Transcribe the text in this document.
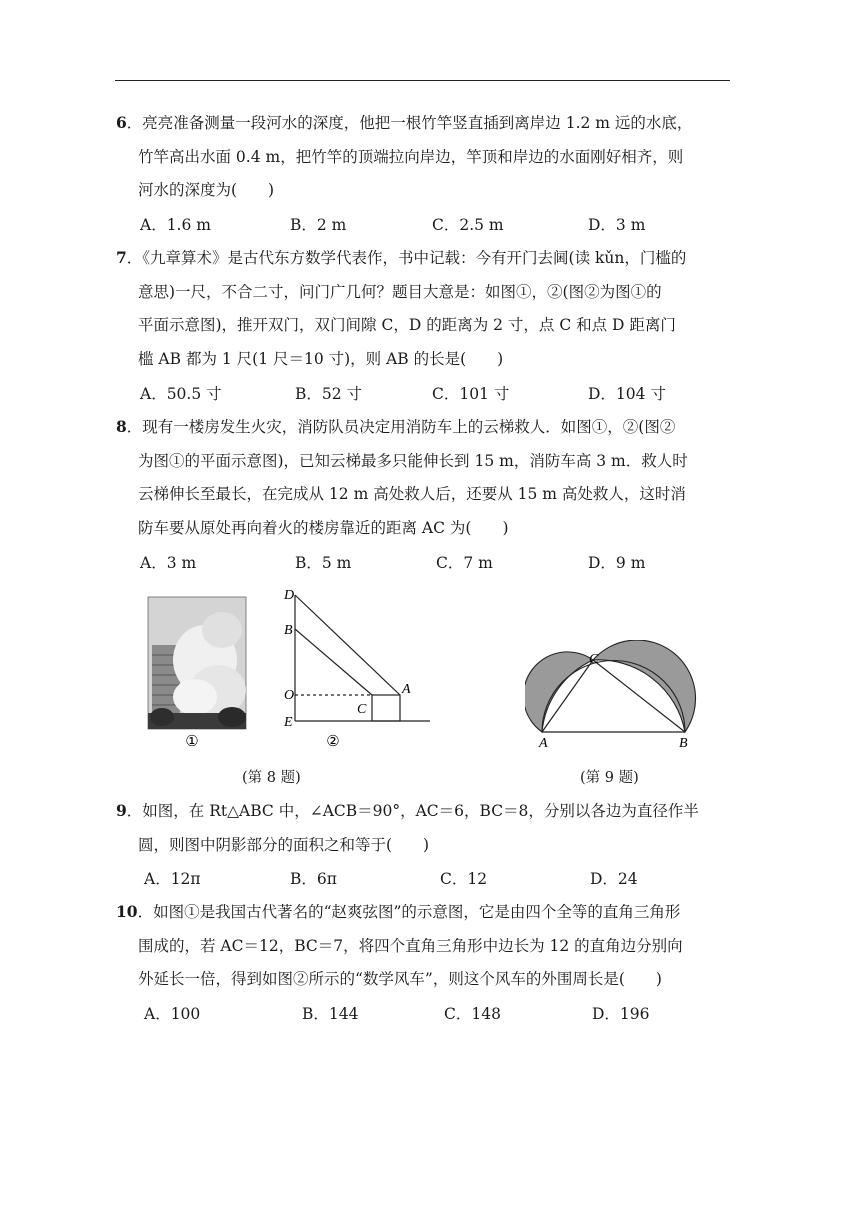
6．亮亮准备测量一段河水的深度，他把一根竹竿竖直插到离岸边 1.2 m 远的水底，
竹竿高出水面 0.4 m，把竹竿的顶端拉向岸边，竿顶和岸边的水面刚好相齐，则
河水的深度为(　　)
A．1.6 m	B．2 m	C．2.5 m	D．3 m
7．《九章算术》是古代东方数学代表作，书中记载：今有开门去阃(读 kǔn，门槛的
意思)一尺，不合二寸，问门广几何？题目大意是：如图①，②(图②为图①的
平面示意图)，推开双门，双门间隙 C，D 的距离为 2 寸，点 C 和点 D 距离门
槛 AB 都为 1 尺(1 尺＝10 寸)，则 AB 的长是(　　)
A．50.5 寸	B．52 寸	C．101 寸	D．104 寸
8．现有一楼房发生火灾，消防队员决定用消防车上的云梯救人．如图①，②(图②
为图①的平面示意图)，已知云梯最多只能伸长到 15 m，消防车高 3 m．救人时
云梯伸长至最长，在完成从 12 m 高处救人后，还要从 15 m 高处救人，这时消
防车要从原处再向着火的楼房靠近的距离 AC 为(　　)
A．3 m	B．5 m	C．7 m	D．9 m
①
D
B
O
E
C
A
②
(第 8 题)
C
A	B
(第 9 题)
9．如图，在 Rt△ABC 中，∠ACB＝90°，AC＝6，BC＝8，分别以各边为直径作半
圆，则图中阴影部分的面积之和等于(　　)
A．12π	B．6π	C．12	D．24
10．如图①是我国古代著名的“赵爽弦图”的示意图，它是由四个全等的直角三角形
围成的，若 AC＝12，BC＝7，将四个直角三角形中边长为 12 的直角边分别向
外延长一倍，得到如图②所示的“数学风车”，则这个风车的外围周长是(　　)
A．100	B．144	C．148	D．196
